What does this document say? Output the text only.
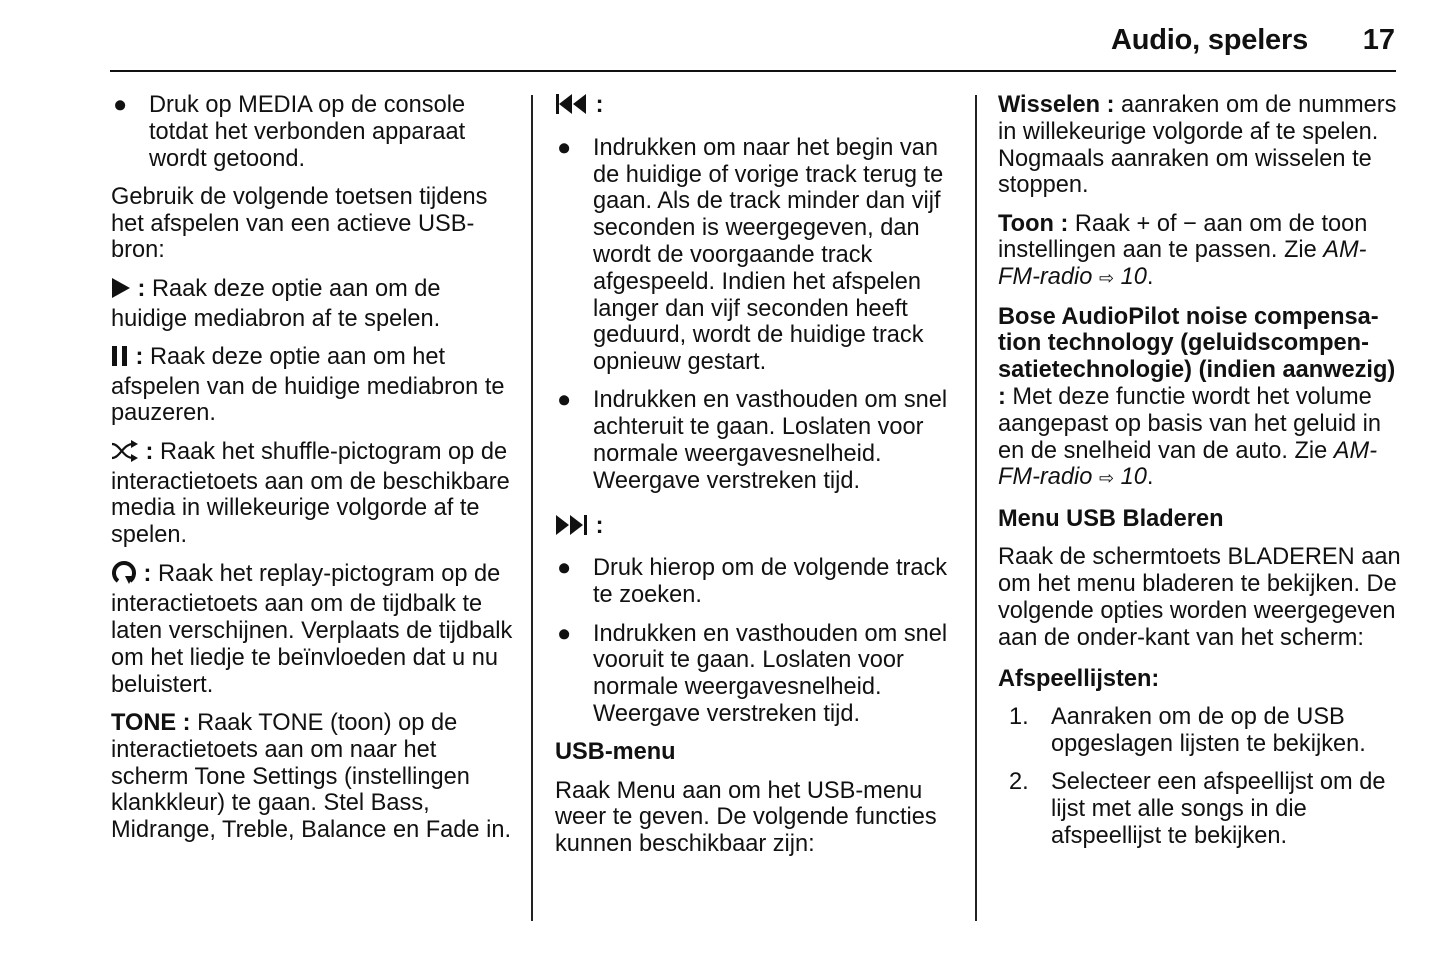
Audio, spelers 17
● Druk op MEDIA op de console totdat het verbonden apparaat wordt getoond.

Gebruik de volgende toetsen tijdens het afspelen van een actieve USB-bron:

: Raak deze optie aan om de huidige mediabron af te spelen.

: Raak deze optie aan om het afspelen van de huidige mediabron te pauzeren.

: Raak het shuffle-pictogram op de interactietoets aan om de beschikbare media in willekeurige volgorde af te spelen.

: Raak het replay-pictogram op de interactietoets aan om de tijdbalk te laten verschijnen. Verplaats de tijdbalk om het liedje te beïnvloeden dat u nu beluistert.

TONE : Raak TONE (toon) op de interactietoets aan om naar het scherm Tone Settings (instellingen klankkleur) te gaan. Stel Bass, Midrange, Treble, Balance en Fade in.

:

● Indrukken om naar het begin van de huidige of vorige track terug te gaan. Als de track minder dan vijf seconden is weergegeven, dan wordt de voorgaande track afgespeeld. Indien het afspelen langer dan vijf seconden heeft geduurd, wordt de huidige track opnieuw gestart.
● Indrukken en vasthouden om snel achteruit te gaan. Loslaten voor normale weergavesnelheid. Weergave verstreken tijd.

:

● Druk hierop om de volgende track te zoeken.
● Indrukken en vasthouden om snel vooruit te gaan. Loslaten voor normale weergavesnelheid. Weergave verstreken tijd.
USB-menu

Raak Menu aan om het USB-menu weer te geven. De volgende functies kunnen beschikbaar zijn:

Wisselen : aanraken om de nummers in willekeurige volgorde af te spelen. Nogmaals aanraken om wisselen te stoppen.

Toon : Raak + of − aan om de toon instellingen aan te passen. Zie AM-FM-radio ⇨ 10.

Bose AudioPilot noise compensa-tion technology (geluidscompen-satietechnologie) (indien aanwezig) : Met deze functie wordt het volume aangepast op basis van het geluid in en de snelheid van de auto. Zie AM-FM-radio ⇨ 10.

Menu USB Bladeren

Raak de schermtoets BLADEREN aan om het menu bladeren te bekijken. De volgende opties worden weergegeven aan de onder-kant van het scherm:

Afspeellijsten:
1. Aanraken om de op de USB opgeslagen lijsten te bekijken.
2. Selecteer een afspeellijst om de lijst met alle songs in die afspeellijst te bekijken.
